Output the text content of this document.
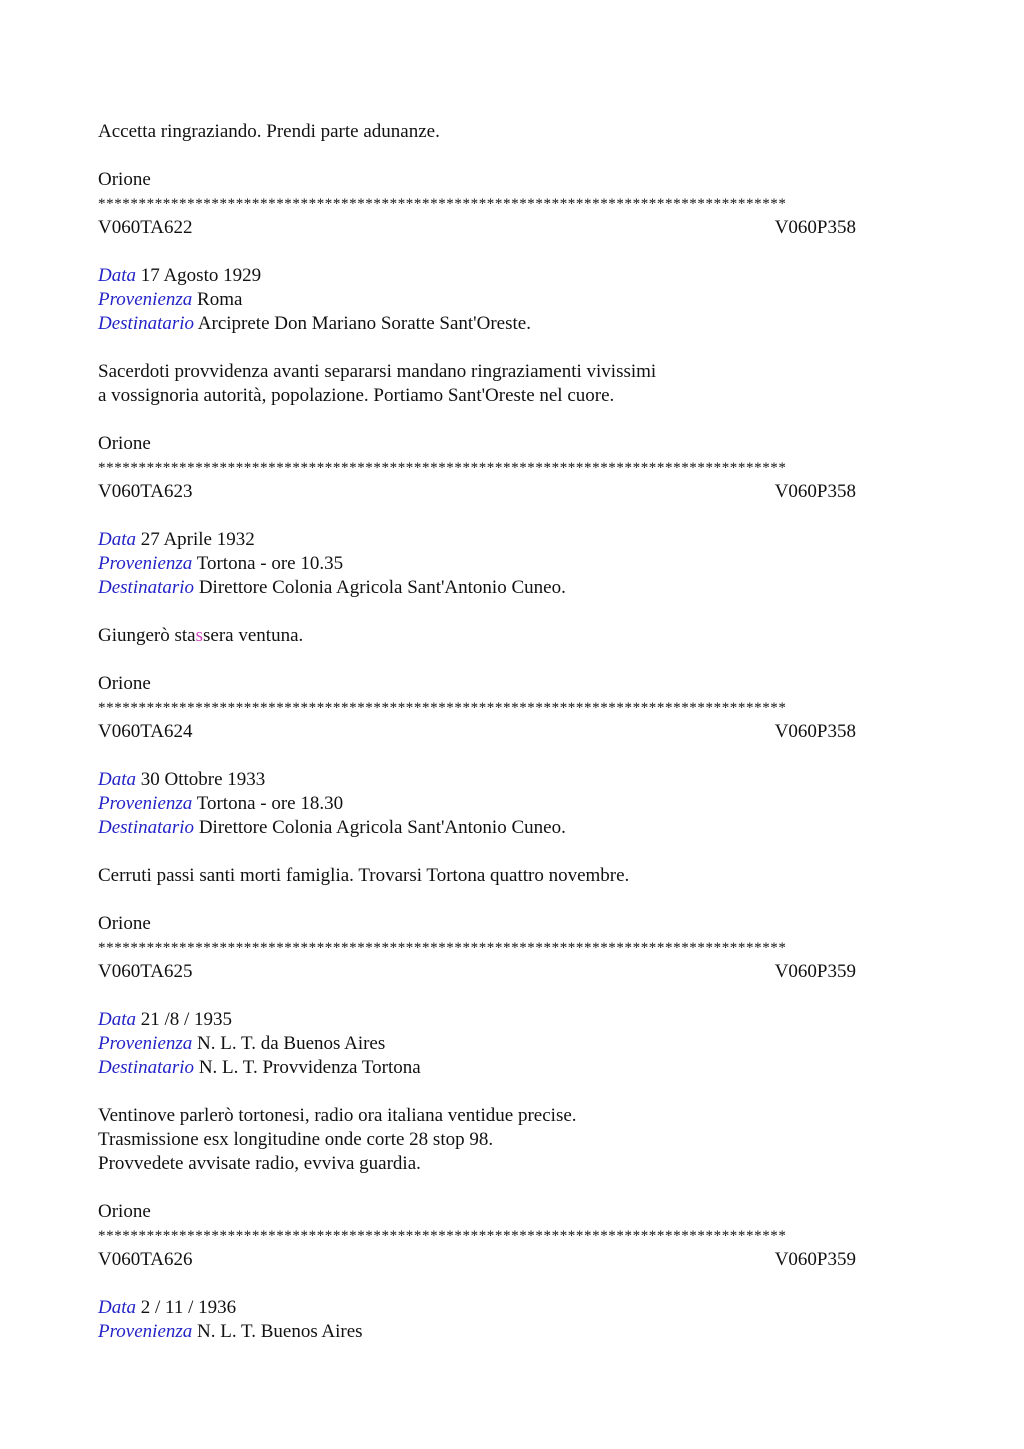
Accetta ringraziando. Prendi parte adunanze.
Orione
*************************************************************************************
V060TA622	V060P358
Data 17 Agosto 1929
Provenienza Roma
Destinatario Arciprete Don Mariano Soratte Sant'Oreste.
Sacerdoti provvidenza avanti separarsi mandano ringraziamenti vivissimi
a vossignoria autorità, popolazione. Portiamo Sant'Oreste nel cuore.
Orione
*************************************************************************************
V060TA623	V060P358
Data 27 Aprile 1932
Provenienza Tortona - ore 10.35
Destinatario Direttore Colonia Agricola Sant'Antonio Cuneo.
Giungerò stassera ventuna.
Orione
*************************************************************************************
V060TA624	V060P358
Data 30 Ottobre 1933
Provenienza Tortona - ore 18.30
Destinatario Direttore Colonia Agricola Sant'Antonio Cuneo.
Cerruti passi santi morti famiglia. Trovarsi Tortona quattro novembre.
Orione
*************************************************************************************
V060TA625	V060P359
Data 21 /8 / 1935
Provenienza N. L. T. da Buenos Aires
Destinatario N. L. T. Provvidenza Tortona
Ventinove parlerò tortonesi, radio ora italiana ventidue precise.
Trasmissione esx longitudine onde corte 28 stop 98.
Provvedete avvisate radio, evviva guardia.
Orione
*************************************************************************************
V060TA626	V060P359
Data 2 / 11 / 1936
Provenienza N. L. T. Buenos Aires
